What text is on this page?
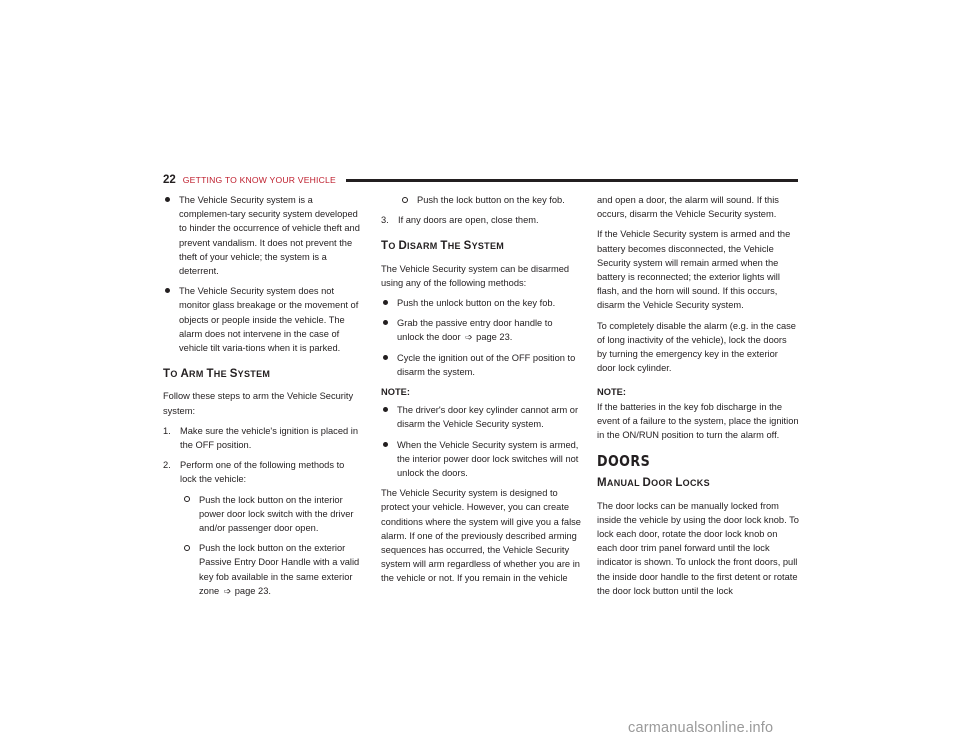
22 GETTING TO KNOW YOUR VEHICLE
The Vehicle Security system is a complemen-tary security system developed to hinder the occurrence of vehicle theft and prevent vandalism. It does not prevent the theft of your vehicle; the system is a deterrent.
The Vehicle Security system does not monitor glass breakage or the movement of objects or people inside the vehicle. The alarm does not intervene in the case of vehicle tilt varia-tions when it is parked.
TO ARM THE SYSTEM

Follow these steps to arm the Vehicle Security system:

1. Make sure the vehicle's ignition is placed in the OFF position.
2. Perform one of the following methods to lock the vehicle:
Push the lock button on the interior power door lock switch with the driver and/or passenger door open.
Push the lock button on the exterior Passive Entry Door Handle with a valid key fob available in the same exterior zone ➩ page 23.
Push the lock button on the key fob.
3. If any doors are open, close them.
TO DISARM THE SYSTEM

The Vehicle Security system can be disarmed using any of the following methods:

Push the unlock button on the key fob.
Grab the passive entry door handle to unlock the door ➩ page 23.
Cycle the ignition out of the OFF position to disarm the system.
NOTE:
The driver's door key cylinder cannot arm or disarm the Vehicle Security system.
When the Vehicle Security system is armed, the interior power door lock switches will not unlock the doors.

The Vehicle Security system is designed to protect your vehicle. However, you can create conditions where the system will give you a false alarm. If one of the previously described arming sequences has occurred, the Vehicle Security system will arm regardless of whether you are in the vehicle or not. If you remain in the vehicle

and open a door, the alarm will sound. If this occurs, disarm the Vehicle Security system.

If the Vehicle Security system is armed and the battery becomes disconnected, the Vehicle Security system will remain armed when the battery is reconnected; the exterior lights will flash, and the horn will sound. If this occurs, disarm the Vehicle Security system.

To completely disable the alarm (e.g. in the case of long inactivity of the vehicle), lock the doors by turning the emergency key in the exterior door lock cylinder.

NOTE:

If the batteries in the key fob discharge in the event of a failure to the system, place the ignition in the ON/RUN position to turn the alarm off.

DOORS
MANUAL DOOR LOCKS

The door locks can be manually locked from inside the vehicle by using the door lock knob. To lock each door, rotate the door lock knob on each door trim panel forward until the lock indicator is shown. To unlock the front doors, pull the inside door handle to the first detent or rotate the door lock button until the lock

carmanualsonline.info
